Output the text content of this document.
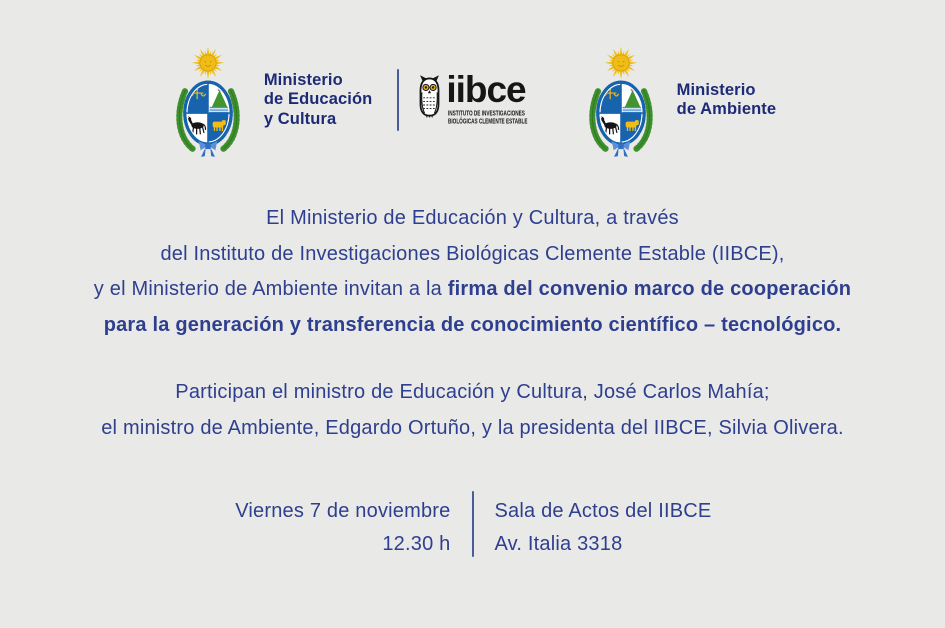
Ministerio
de Educación
y Cultura
iibce
INSTITUTO DE INVESTIGACIONES
BIOLÓGICAS CLEMENTE ESTABLE
Ministerio
de Ambiente
El Ministerio de Educación y Cultura, a través
del Instituto de Investigaciones Biológicas Clemente Estable (IIBCE),
y el Ministerio de Ambiente invitan a la firma del convenio marco de cooperación
para la generación y transferencia de conocimiento científico – tecnológico.
Participan el ministro de Educación y Cultura, José Carlos Mahía;
el ministro de Ambiente, Edgardo Ortuño, y la presidenta del IIBCE, Silvia Olivera.
Viernes 7 de noviembre
12.30 h
Sala de Actos del IIBCE
Av. Italia 3318
